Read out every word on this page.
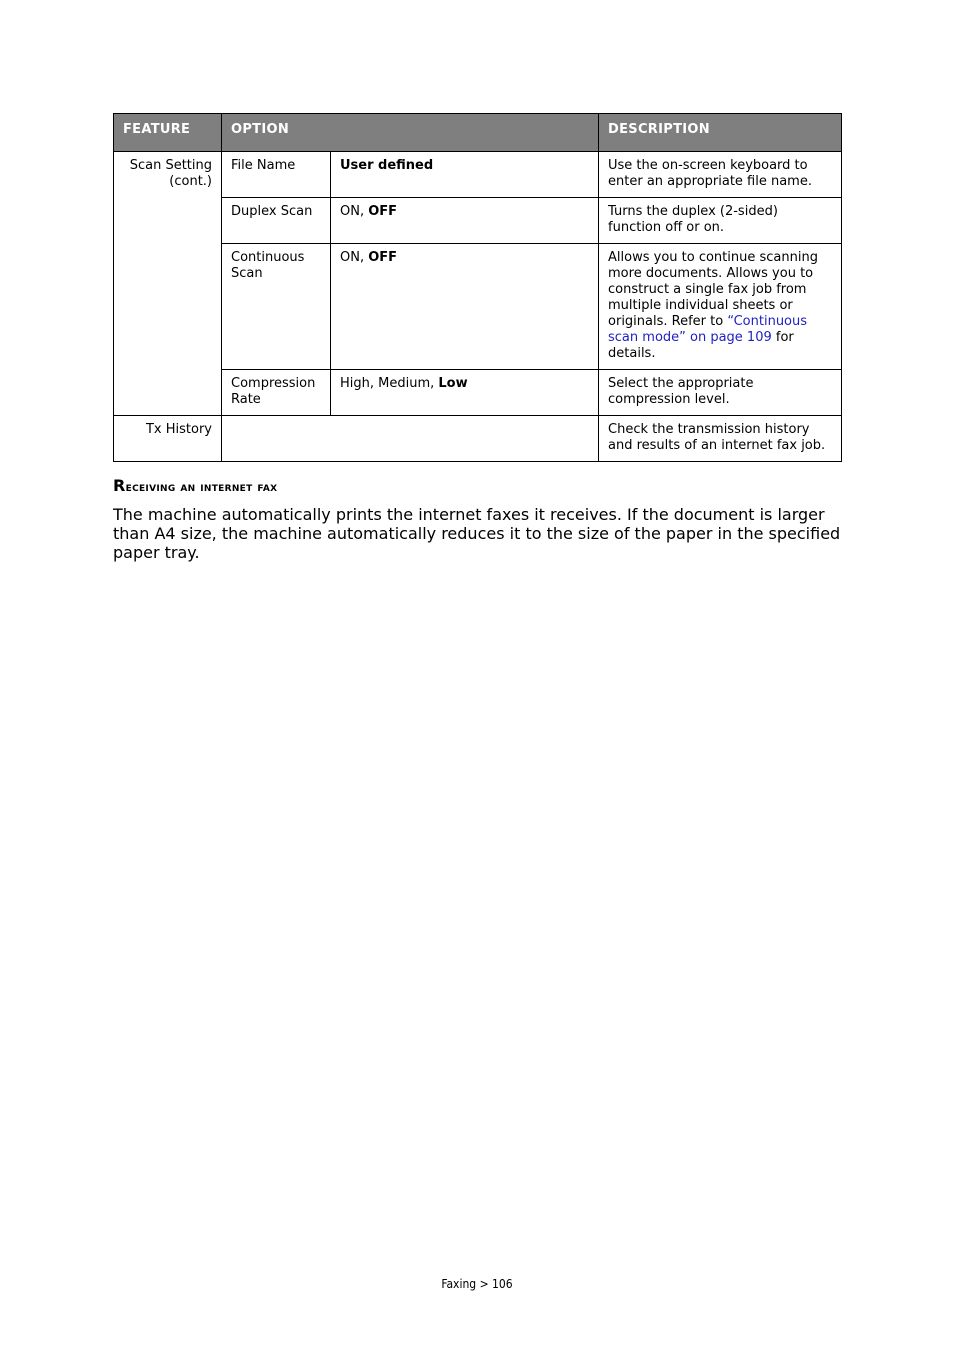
FEATURE	OPTION		DESCRIPTION
Scan Setting
(cont.)	File Name	User defined	Use the on-screen keyboard to enter an appropriate file name.
	Duplex Scan	ON, OFF	Turns the duplex (2-sided) function off or on.
	Continuous Scan	ON, OFF	Allows you to continue scanning more documents. Allows you to construct a single fax job from multiple individual sheets or originals. Refer to “Continuous scan mode” on page 109 for details.
	Compression Rate	High, Medium, Low	Select the appropriate compression level.
Tx History			Check the transmission history and results of an internet fax job.
Receiving an internet fax

The machine automatically prints the internet faxes it receives. If the document is larger than A4 size, the machine automatically reduces it to the size of the paper in the specified paper tray.

Faxing > 106
